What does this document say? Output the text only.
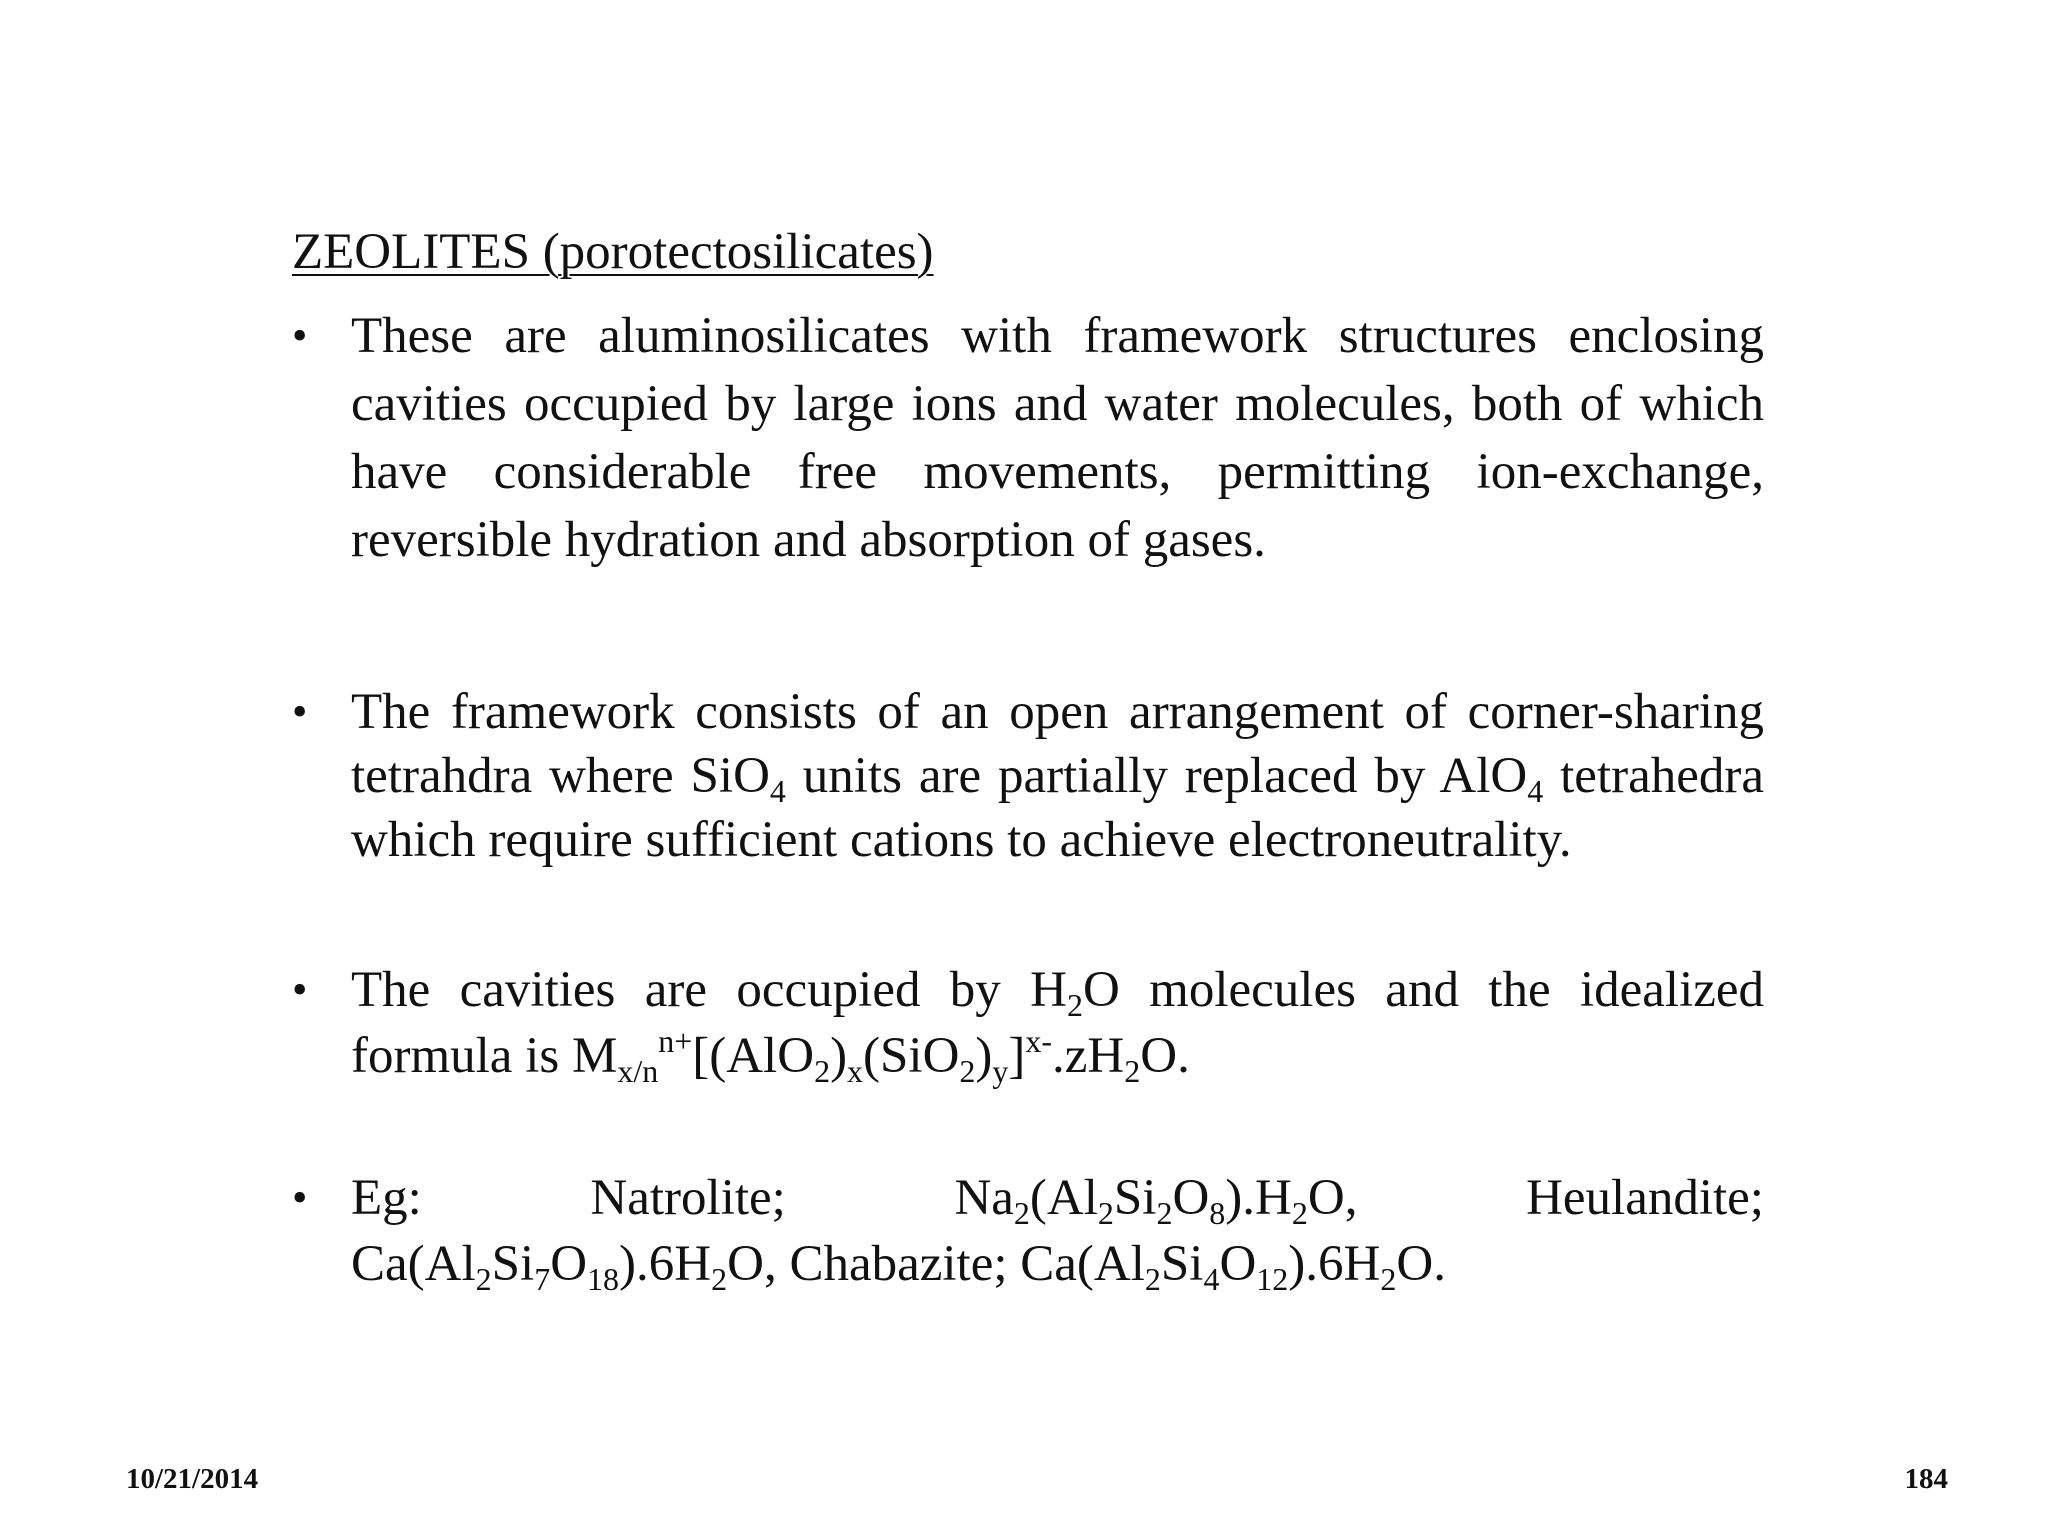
ZEOLITES (porotectosilicates)
• These are aluminosilicates with framework structures enclosing cavities occupied by large ions and water molecules, both of which have considerable free movements, permitting ion-exchange, reversible hydration and absorption of gases.
• The framework consists of an open arrangement of corner-sharing tetrahdra where SiO$_4$ units are partially replaced by AlO$_4$ tetrahedra which require sufficient cations to achieve electroneutrality.
• The cavities are occupied by $H_2O$ molecules and the idealized formula is $M_{x/n}^{n+}[(AlO_2)_x(SiO_2)_y]^{x-}.zH_2O$.
• Eg:	Natrolite;	$Na_2(Al_2Si_2O_8).H_2O$,	Heulandite;
$Ca(Al_2Si_7O_{18}).6H_2O$, Chabazite; $Ca(Al_2Si_4O_{12}).6H_2O$.
10/21/2014	184
